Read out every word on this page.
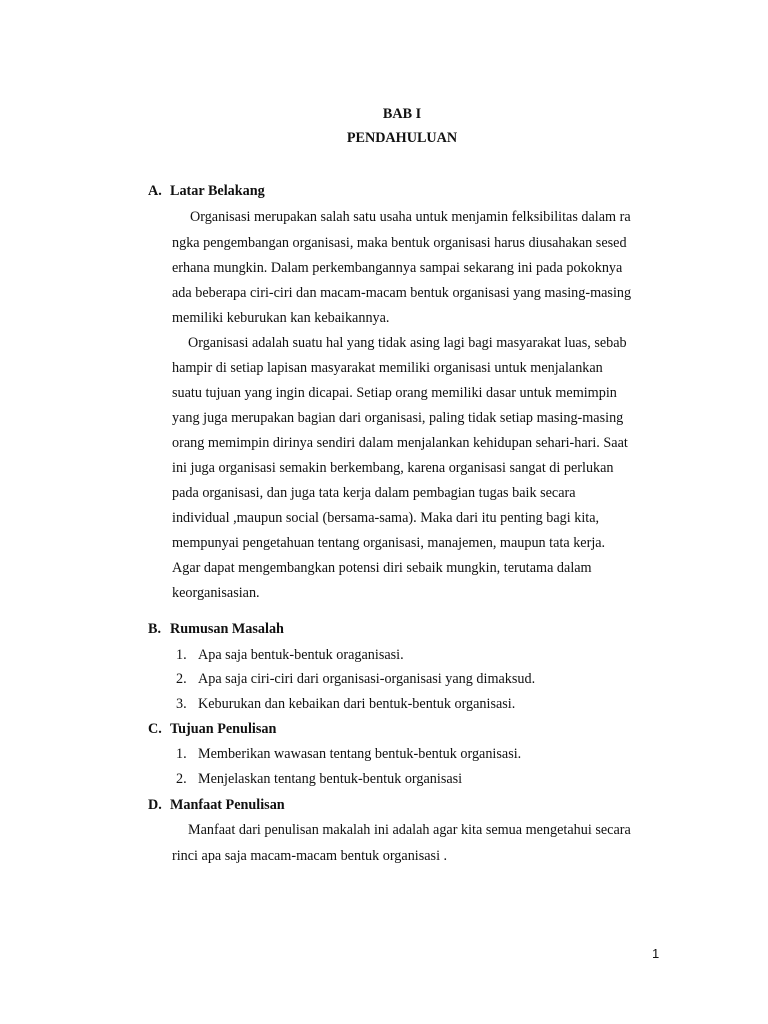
BAB I
PENDAHULUAN
A. Latar Belakang
Organisasi merupakan salah satu usaha untuk menjamin felksibilitas dalam ra
ngka pengembangan organisasi, maka bentuk organisasi harus diusahakan sesed
erhana mungkin. Dalam perkembangannya sampai sekarang ini pada pokoknya
ada beberapa ciri-ciri dan macam-macam bentuk organisasi yang masing-masing
memiliki keburukan kan kebaikannya.
Organisasi adalah suatu hal yang tidak asing lagi bagi masyarakat luas, sebab
hampir di setiap lapisan masyarakat memiliki organisasi untuk menjalankan
suatu tujuan yang ingin dicapai. Setiap orang memiliki dasar untuk memimpin
yang juga merupakan bagian dari organisasi, paling tidak setiap masing-masing
orang memimpin dirinya sendiri dalam menjalankan kehidupan sehari-hari. Saat
ini juga organisasi semakin berkembang, karena organisasi sangat di perlukan
pada organisasi, dan juga tata kerja dalam pembagian tugas baik secara
individual ,maupun social (bersama-sama). Maka dari itu penting bagi kita,
mempunyai pengetahuan tentang organisasi, manajemen, maupun tata kerja.
Agar dapat mengembangkan potensi diri sebaik mungkin, terutama dalam
keorganisasian.
B. Rumusan Masalah
1. Apa saja bentuk-bentuk oraganisasi.
2. Apa saja ciri-ciri dari organisasi-organisasi yang dimaksud.
3. Keburukan dan kebaikan dari bentuk-bentuk organisasi.
C. Tujuan Penulisan
1. Memberikan wawasan tentang bentuk-bentuk organisasi.
2. Menjelaskan tentang bentuk-bentuk organisasi
D. Manfaat Penulisan
Manfaat dari penulisan makalah ini adalah agar kita semua mengetahui secara
rinci apa saja macam-macam bentuk organisasi .
1
